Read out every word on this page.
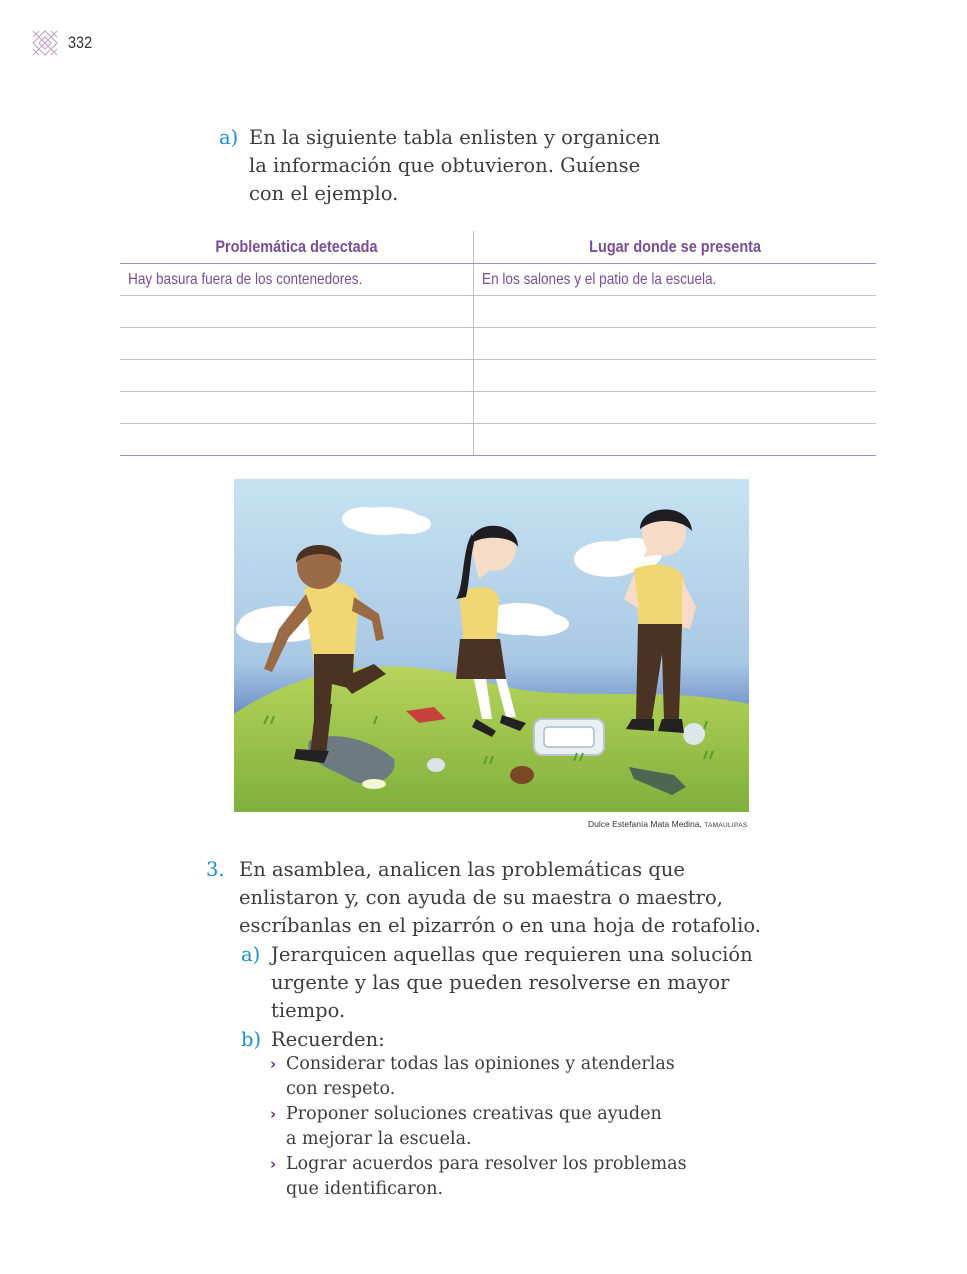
332
a) En la siguiente tabla enlisten y organicen
la información que obtuvieron. Guíense
con el ejemplo.
Problemática detectada	Lugar donde se presenta
Hay basura fuera de los contenedores.	En los salones y el patio de la escuela.
Dulce Estefanía Mata Medina, TAMAULIPAS
3. En asamblea, analicen las problemáticas que
enlistaron y, con ayuda de su maestra o maestro,
escríbanlas en el pizarrón o en una hoja de rotafolio.
a) Jerarquicen aquellas que requieren una solución
urgente y las que pueden resolverse en mayor
tiempo.
b) Recuerden:
› Considerar todas las opiniones y atenderlas
con respeto.
› Proponer soluciones creativas que ayuden
a mejorar la escuela.
› Lograr acuerdos para resolver los problemas
que identificaron.
